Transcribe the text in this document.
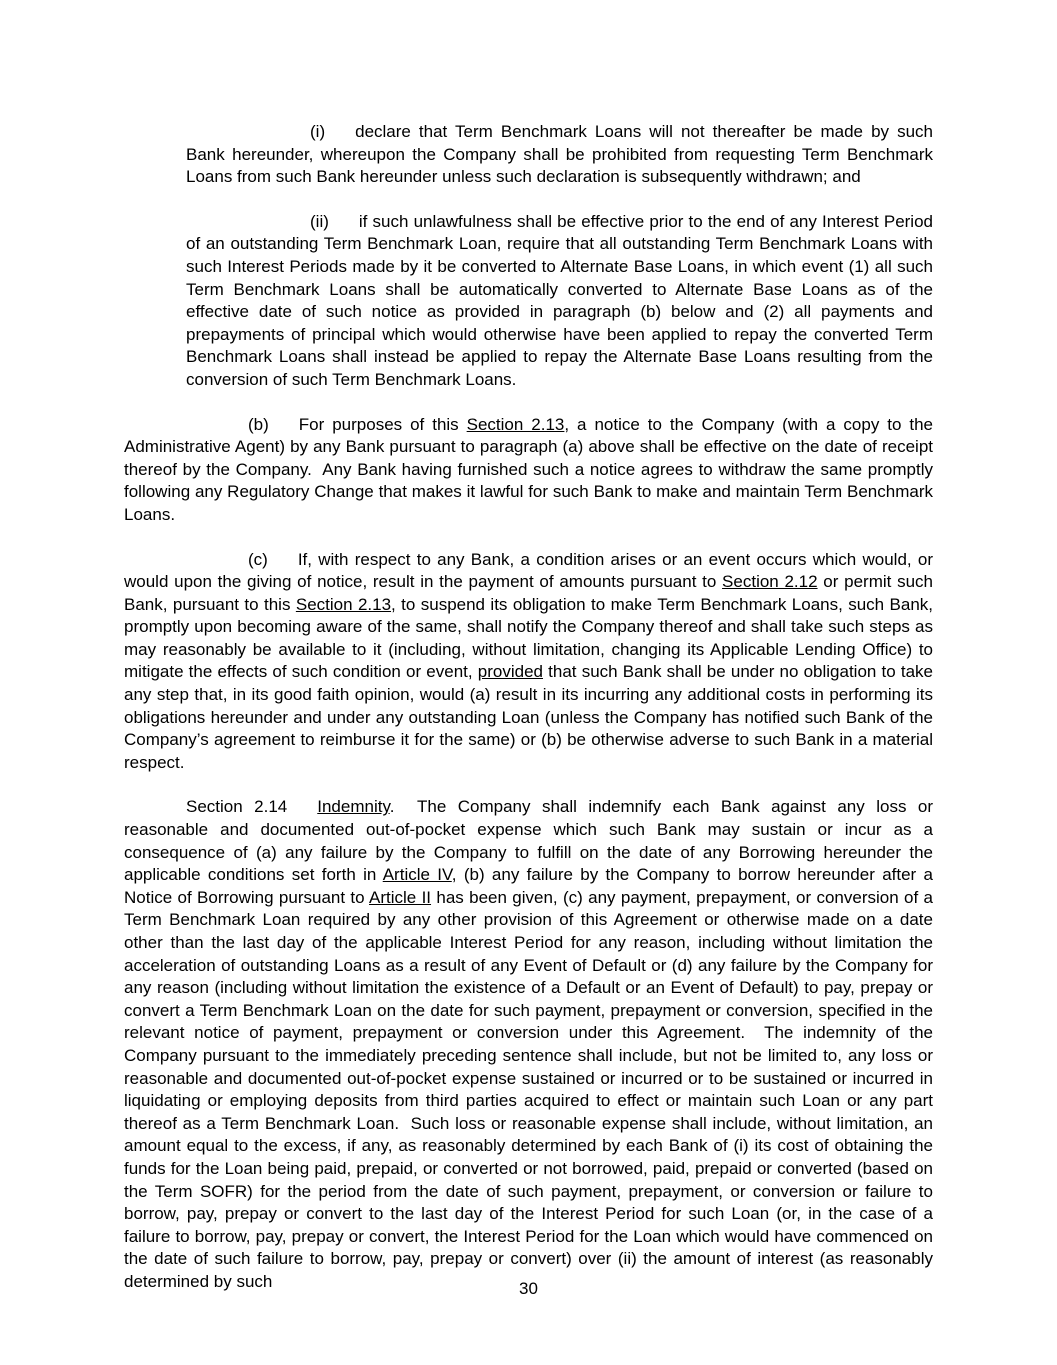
(i) declare that Term Benchmark Loans will not thereafter be made by such Bank hereunder, whereupon the Company shall be prohibited from requesting Term Benchmark Loans from such Bank hereunder unless such declaration is subsequently withdrawn; and
(ii) if such unlawfulness shall be effective prior to the end of any Interest Period of an outstanding Term Benchmark Loan, require that all outstanding Term Benchmark Loans with such Interest Periods made by it be converted to Alternate Base Loans, in which event (1) all such Term Benchmark Loans shall be automatically converted to Alternate Base Loans as of the effective date of such notice as provided in paragraph (b) below and (2) all payments and prepayments of principal which would otherwise have been applied to repay the converted Term Benchmark Loans shall instead be applied to repay the Alternate Base Loans resulting from the conversion of such Term Benchmark Loans.
(b) For purposes of this Section 2.13, a notice to the Company (with a copy to the Administrative Agent) by any Bank pursuant to paragraph (a) above shall be effective on the date of receipt thereof by the Company.  Any Bank having furnished such a notice agrees to withdraw the same promptly following any Regulatory Change that makes it lawful for such Bank to make and maintain Term Benchmark Loans.
(c) If, with respect to any Bank, a condition arises or an event occurs which would, or would upon the giving of notice, result in the payment of amounts pursuant to Section 2.12 or permit such Bank, pursuant to this Section 2.13, to suspend its obligation to make Term Benchmark Loans, such Bank, promptly upon becoming aware of the same, shall notify the Company thereof and shall take such steps as may reasonably be available to it (including, without limitation, changing its Applicable Lending Office) to mitigate the effects of such condition or event, provided that such Bank shall be under no obligation to take any step that, in its good faith opinion, would (a) result in its incurring any additional costs in performing its obligations hereunder and under any outstanding Loan (unless the Company has notified such Bank of the Company’s agreement to reimburse it for the same) or (b) be otherwise adverse to such Bank in a material respect.
Section 2.14 Indemnity.  The Company shall indemnify each Bank against any loss or reasonable and documented out-of-pocket expense which such Bank may sustain or incur as a consequence of (a) any failure by the Company to fulfill on the date of any Borrowing hereunder the applicable conditions set forth in Article IV, (b) any failure by the Company to borrow hereunder after a Notice of Borrowing pursuant to Article II has been given, (c) any payment, prepayment, or conversion of a Term Benchmark Loan required by any other provision of this Agreement or otherwise made on a date other than the last day of the applicable Interest Period for any reason, including without limitation the acceleration of outstanding Loans as a result of any Event of Default or (d) any failure by the Company for any reason (including without limitation the existence of a Default or an Event of Default) to pay, prepay or convert a Term Benchmark Loan on the date for such payment, prepayment or conversion, specified in the relevant notice of payment, prepayment or conversion under this Agreement.  The indemnity of the Company pursuant to the immediately preceding sentence shall include, but not be limited to, any loss or reasonable and documented out-of-pocket expense sustained or incurred or to be sustained or incurred in liquidating or employing deposits from third parties acquired to effect or maintain such Loan or any part thereof as a Term Benchmark Loan.  Such loss or reasonable expense shall include, without limitation, an amount equal to the excess, if any, as reasonably determined by each Bank of (i) its cost of obtaining the funds for the Loan being paid, prepaid, or converted or not borrowed, paid, prepaid or converted (based on the Term SOFR) for the period from the date of such payment, prepayment, or conversion or failure to borrow, pay, prepay or convert to the last day of the Interest Period for such Loan (or, in the case of a failure to borrow, pay, prepay or convert, the Interest Period for the Loan which would have commenced on the date of such failure to borrow, pay, prepay or convert) over (ii) the amount of interest (as reasonably determined by such	30
